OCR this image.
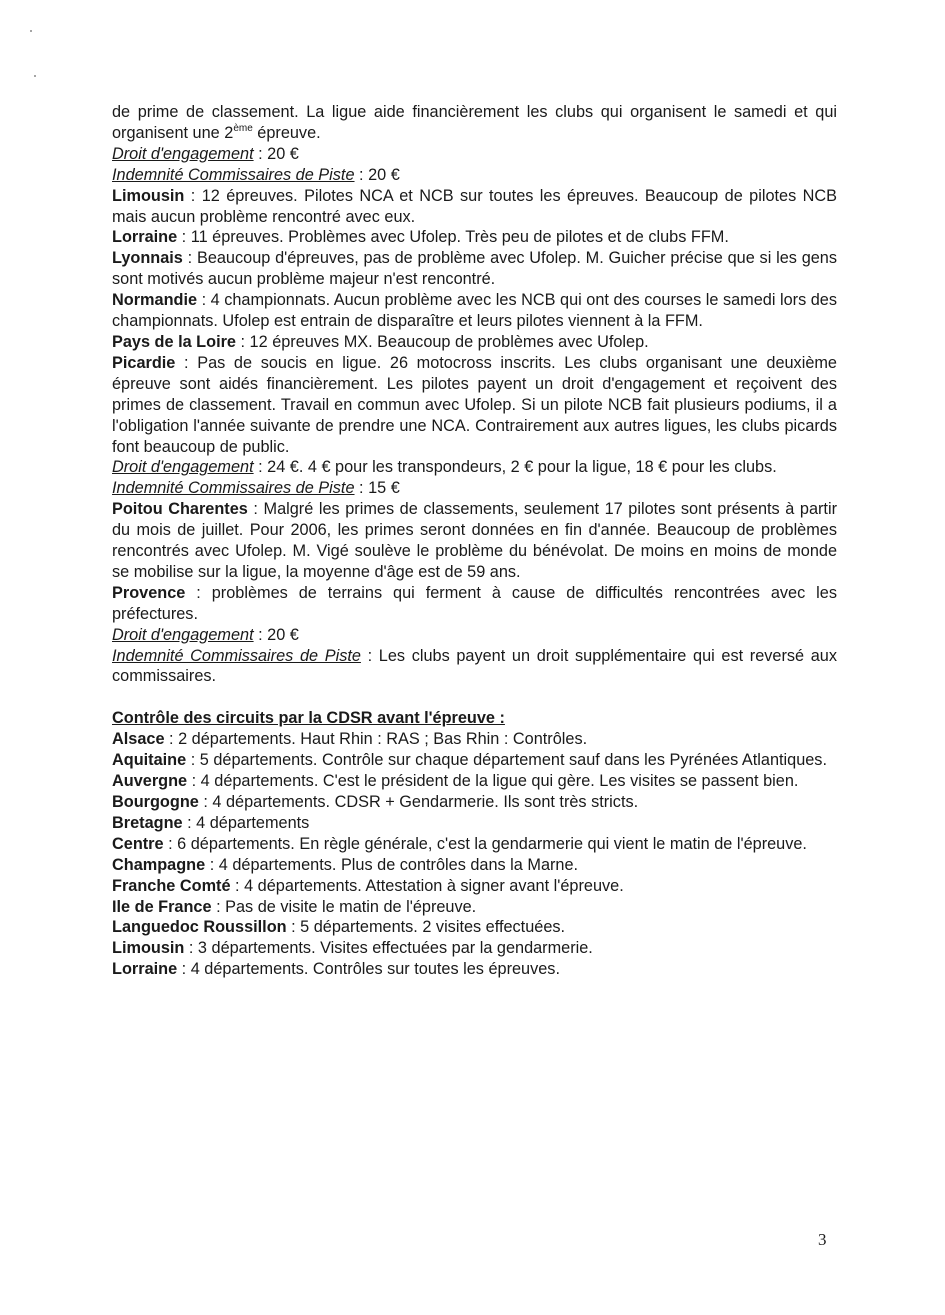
de prime de classement. La ligue aide financièrement les clubs qui organisent le samedi et qui organisent une 2ème épreuve.

Droit d'engagement : 20 €

Indemnité Commissaires de Piste : 20 €

Limousin : 12 épreuves. Pilotes NCA et NCB sur toutes les épreuves. Beaucoup de pilotes NCB mais aucun problème rencontré avec eux.

Lorraine : 11 épreuves. Problèmes avec Ufolep. Très peu de pilotes et de clubs FFM.

Lyonnais : Beaucoup d'épreuves, pas de problème avec Ufolep. M. Guicher précise que si les gens sont motivés aucun problème majeur n'est rencontré.

Normandie : 4 championnats. Aucun problème avec les NCB qui ont des courses le samedi lors des championnats. Ufolep est entrain de disparaître et leurs pilotes viennent à la FFM.

Pays de la Loire : 12 épreuves MX. Beaucoup de problèmes avec Ufolep.

Picardie : Pas de soucis en ligue. 26 motocross inscrits. Les clubs organisant une deuxième épreuve sont aidés financièrement. Les pilotes payent un droit d'engagement et reçoivent des primes de classement. Travail en commun avec Ufolep. Si un pilote NCB fait plusieurs podiums, il a l'obligation l'année suivante de prendre une NCA. Contrairement aux autres ligues, les clubs picards font beaucoup de public.

Droit d'engagement : 24 €. 4 € pour les transpondeurs, 2 € pour la ligue, 18 € pour les clubs.

Indemnité Commissaires de Piste : 15 €

Poitou Charentes : Malgré les primes de classements, seulement 17 pilotes sont présents à partir du mois de juillet. Pour 2006, les primes seront données en fin d'année. Beaucoup de problèmes rencontrés avec Ufolep. M. Vigé soulève le problème du bénévolat. De moins en moins de monde se mobilise sur la ligue, la moyenne d'âge est de 59 ans.

Provence : problèmes de terrains qui ferment à cause de difficultés rencontrées avec les préfectures.

Droit d'engagement : 20 €

Indemnité Commissaires de Piste : Les clubs payent un droit supplémentaire qui est reversé aux commissaires.

Contrôle des circuits par la CDSR avant l'épreuve :

Alsace : 2 départements. Haut Rhin : RAS ; Bas Rhin : Contrôles.

Aquitaine : 5 départements. Contrôle sur chaque département sauf dans les Pyrénées Atlantiques.

Auvergne : 4 départements. C'est le président de la ligue qui gère. Les visites se passent bien.

Bourgogne : 4 départements. CDSR + Gendarmerie. Ils sont très stricts.

Bretagne : 4 départements

Centre : 6 départements. En règle générale, c'est la gendarmerie qui vient le matin de l'épreuve.

Champagne : 4 départements. Plus de contrôles dans la Marne.

Franche Comté : 4 départements. Attestation à signer avant l'épreuve.

Ile de France : Pas de visite le matin de l'épreuve.

Languedoc Roussillon : 5 départements. 2 visites effectuées.

Limousin : 3 départements. Visites effectuées par la gendarmerie.

Lorraine : 4 départements. Contrôles sur toutes les épreuves.

3
